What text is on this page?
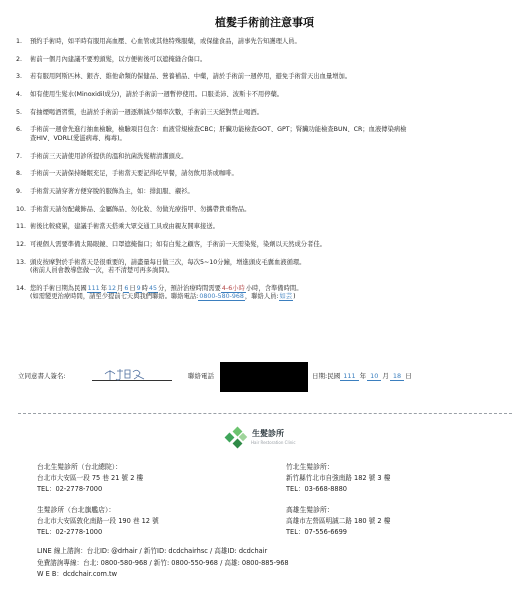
植髮手術前注意事項
1.	預約手術時，如平時有服用高血壓、心血管或其他特殊服藥，或保健食品，請事先告知護理人員。
2.	術前一個月內建議不要剪頭髮，以方便術後可以遮掩縫合傷口。
3.	若有服用阿斯匹林、銀杏、維他命類的保健品、營養補品、中藥，請於手術前一週停用，避免手術當天出血量增加。
4.	如有使用生髮水(Minoxidil成分)，請於手術前一週暫停使用。口服柔沛、波斯卡不用停藥。
5.	有抽煙喝酒習慣，也請於手術前一週逐漸減少頻率次數，手術前三天絕對禁止喝酒。
6.	手術前一週會先進行抽血檢驗，檢驗項目包含：血液常規檢查CBC；肝臟功能檢查GOT、GPT；腎臟功能檢查BUN、CR；血液傳染病檢
查HIV、VDRL(愛滋病毒、梅毒)。
7.	手術前三天請使用診所提供的溫和抗菌洗髮精清潔頭皮。
8.	手術前一天請保持睡眠充足，手術當天要記得吃早餐，請勿飲用茶或咖啡。
9.	手術當天請穿著方便穿脫的服飾為主，如：排釦服、襯衫。
10. 手術當天請勿配戴飾品、金屬飾品、勿化妝、勿做光療指甲、勿攜帶貴重物品。
11. 術後比較疲累，建議手術當天搭乘大眾交通工具或由親友開車接送。
12. 可視個人需要準備太陽眼鏡、口罩遮掩傷口；如有白髮之顧客，手術前一天需染髮，染劑以天然成分者佳。
13. 頭皮按摩對於手術當天是很重要的，請盡量每日做三次，每次5~10分鐘，增進頭皮毛囊血液循環。
(術前人員會教導您做一次，若不清楚可再多詢問)。
14. 您的手術日期為民國111年12月6日9時45分，預計治療時間需要4-6小時小時，含準備時間。
(如需變更治療時間，請至少提前七天與我們聯絡。聯絡電話:0800-580-968，聯絡人員:如芸)
立同意書人簽名:	聯絡電話	日期:民國 111 年 10 月 18 日
生髮診所
Hair Restoration Clinic
台北生髮診所（台北總院）：
台北市大安區一段 75 巷 21 號 2 樓
TEL：02-2778-7000
竹北生髮診所：
新竹縣竹北市自強南路 182 號 3 樓
TEL：03-668-8880
生髮診所（台北旗艦店）：
台北市大安區敦化南路一段 190 巷 12 號
TEL：02-2778-1000
高雄生髮診所：
高雄市左營區明誠二路 180 號 2 樓
TEL：07-556-6699
LINE 線上諮詢：台北ID: @drhair / 新竹ID: dcdchairhsc / 高雄ID: dcdchair
免費諮詢專線：台北: 0800-580-968 / 新竹: 0800-550-968 / 高雄: 0800-885-968
W E B：dcdchair.com.tw
